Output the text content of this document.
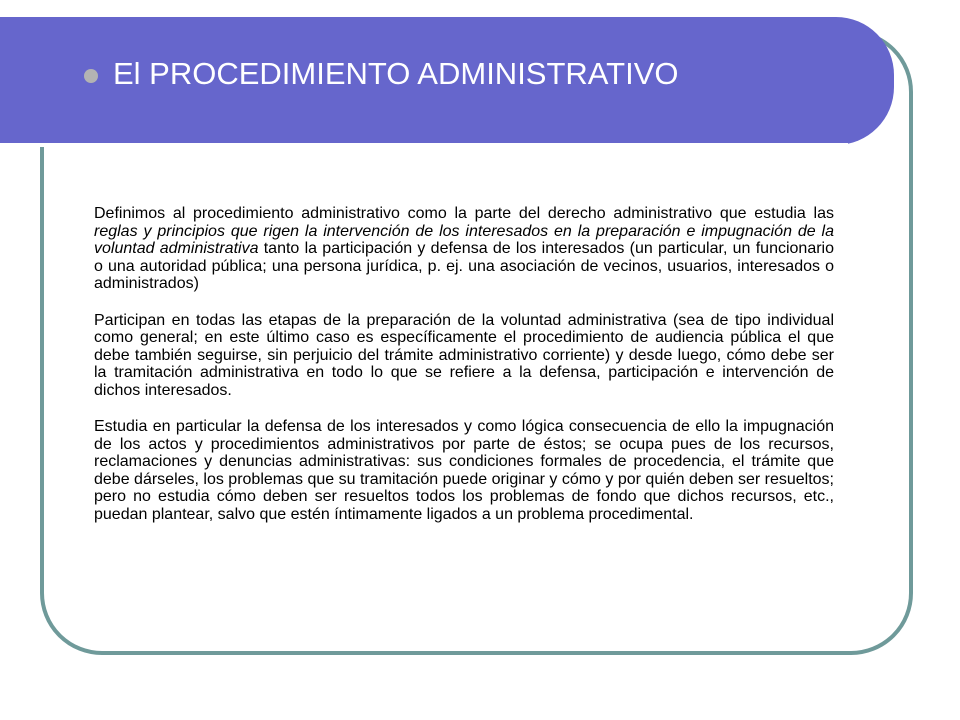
El PROCEDIMIENTO ADMINISTRATIVO

Definimos al procedimiento administrativo como la parte del derecho administrativo que estudia las reglas y principios que rigen la intervención de los interesados en la preparación e impugnación de la voluntad administrativa tanto la participación y defensa de los interesados (un particular, un funcionario o una autoridad pública; una persona jurídica, p. ej. una asociación de vecinos, usuarios, interesados o administrados)

Participan en todas las etapas de la preparación de la voluntad administrativa (sea de tipo individual como general; en este último caso es específicamente el procedimiento de audiencia pública el que debe también seguirse, sin perjuicio del trámite administrativo corriente) y desde luego, cómo debe ser la tramitación administrativa en todo lo que se refiere a la defensa, participación e intervención de dichos interesados.

Estudia en particular la defensa de los interesados y como lógica consecuencia de ello la impugnación de los actos y procedimientos administrativos por parte de éstos; se ocupa pues de los recursos, reclamaciones y denuncias administrativas: sus condiciones formales de procedencia, el trámite que debe dárseles, los problemas que su tramitación puede originar y cómo y por quién deben ser resueltos; pero no estudia cómo deben ser resueltos todos los problemas de fondo que dichos recursos, etc., puedan plantear, salvo que estén íntimamente ligados a un problema procedimental.
